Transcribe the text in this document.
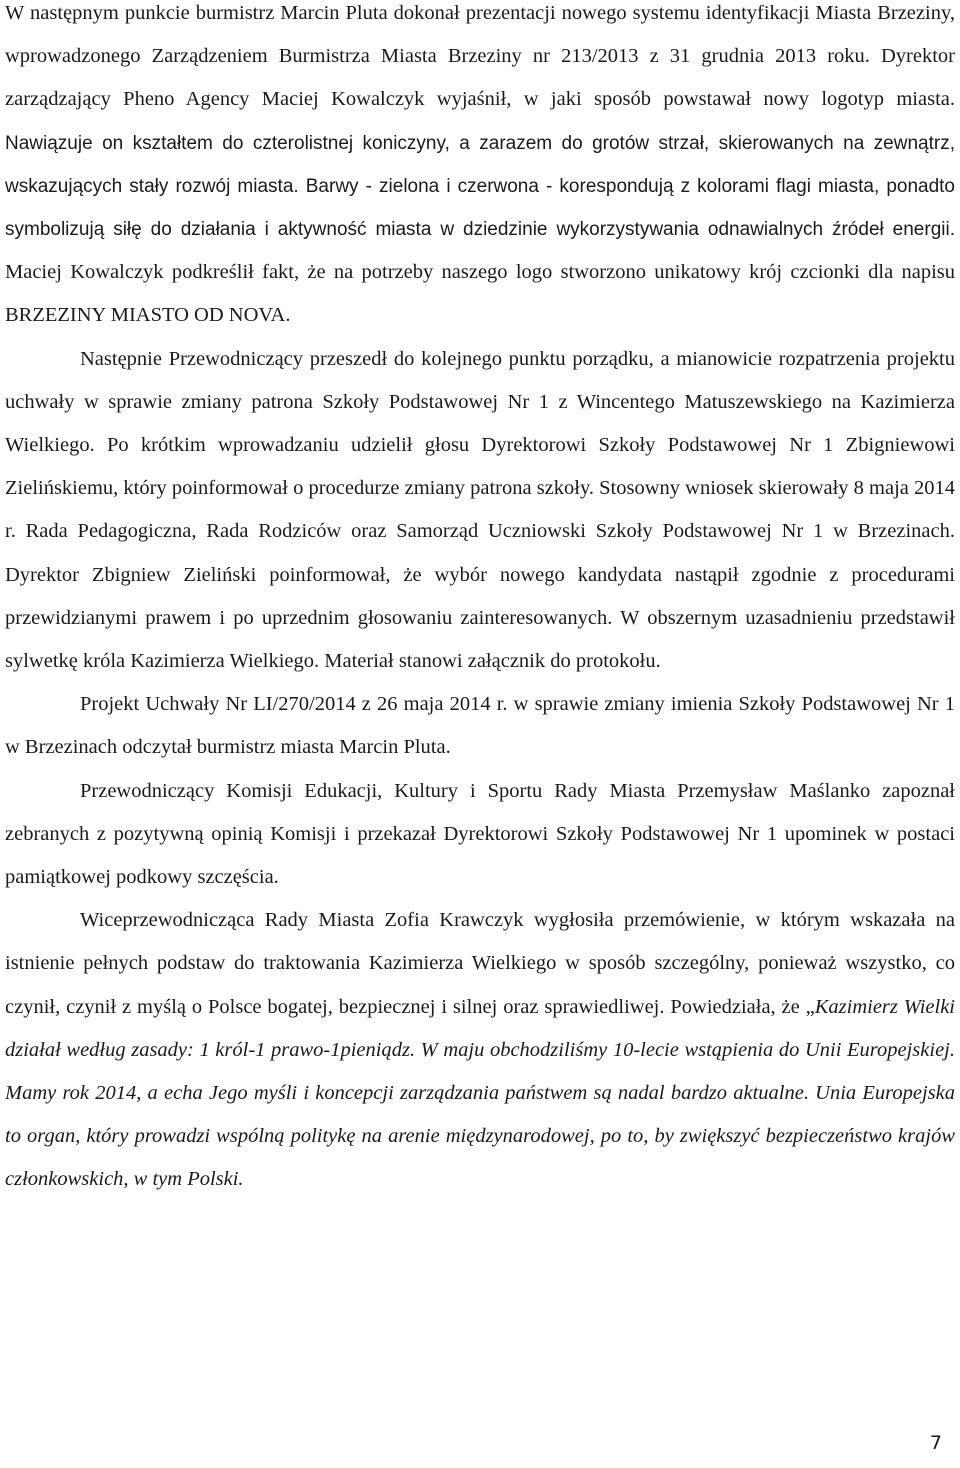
W następnym punkcie burmistrz Marcin Pluta dokonał prezentacji nowego systemu identyfikacji Miasta Brzeziny, wprowadzonego Zarządzeniem Burmistrza Miasta Brzeziny nr 213/2013 z 31 grudnia 2013 roku. Dyrektor zarządzający Pheno Agency Maciej Kowalczyk wyjaśnił, w jaki sposób powstawał nowy logotyp miasta. Nawiązuje on kształtem do czterolistnej koniczyny, a zarazem do grotów strzał, skierowanych na zewnątrz, wskazujących stały rozwój miasta. Barwy - zielona i czerwona - korespondują z kolorami flagi miasta, ponadto symbolizują siłę do działania i aktywność miasta w dziedzinie wykorzystywania odnawialnych źródeł energii. Maciej Kowalczyk podkreślił fakt, że na potrzeby naszego logo stworzono unikatowy krój czcionki dla napisu BRZEZINY MIASTO OD NOVA.

Następnie Przewodniczący przeszedł do kolejnego punktu porządku, a mianowicie rozpatrzenia projektu uchwały w sprawie zmiany patrona Szkoły Podstawowej Nr 1 z Wincentego Matuszewskiego na Kazimierza Wielkiego. Po krótkim wprowadzaniu udzielił głosu Dyrektorowi Szkoły Podstawowej Nr 1 Zbigniewowi Zielińskiemu, który poinformował o procedurze zmiany patrona szkoły. Stosowny wniosek skierowały 8 maja 2014 r. Rada Pedagogiczna, Rada Rodziców oraz Samorząd Uczniowski Szkoły Podstawowej Nr 1 w Brzezinach. Dyrektor Zbigniew Zieliński poinformował, że wybór nowego kandydata nastąpił zgodnie z procedurami przewidzianymi prawem i po uprzednim głosowaniu zainteresowanych. W obszernym uzasadnieniu przedstawił sylwetkę króla Kazimierza Wielkiego. Materiał stanowi załącznik do protokołu.

Projekt Uchwały Nr LI/270/2014 z 26 maja 2014 r. w sprawie zmiany imienia Szkoły Podstawowej Nr 1 w Brzezinach odczytał burmistrz miasta Marcin Pluta.

Przewodniczący Komisji Edukacji, Kultury i Sportu Rady Miasta Przemysław Maślanko zapoznał zebranych z pozytywną opinią Komisji i przekazał Dyrektorowi Szkoły Podstawowej Nr 1 upominek w postaci pamiątkowej podkowy szczęścia.

Wiceprzewodnicząca Rady Miasta Zofia Krawczyk wygłosiła przemówienie, w którym wskazała na istnienie pełnych podstaw do traktowania Kazimierza Wielkiego w sposób szczególny, ponieważ wszystko, co czynił, czynił z myślą o Polsce bogatej, bezpiecznej i silnej oraz sprawiedliwej. Powiedziała, że „Kazimierz Wielki działał według zasady: 1 król-1 prawo-1pieniądz. W maju obchodziliśmy 10-lecie wstąpienia do Unii Europejskiej. Mamy rok 2014, a echa Jego myśli i koncepcji zarządzania państwem są nadal bardzo aktualne. Unia Europejska to organ, który prowadzi wspólną politykę na arenie międzynarodowej, po to, by zwiększyć bezpieczeństwo krajów członkowskich, w tym Polski.

7
